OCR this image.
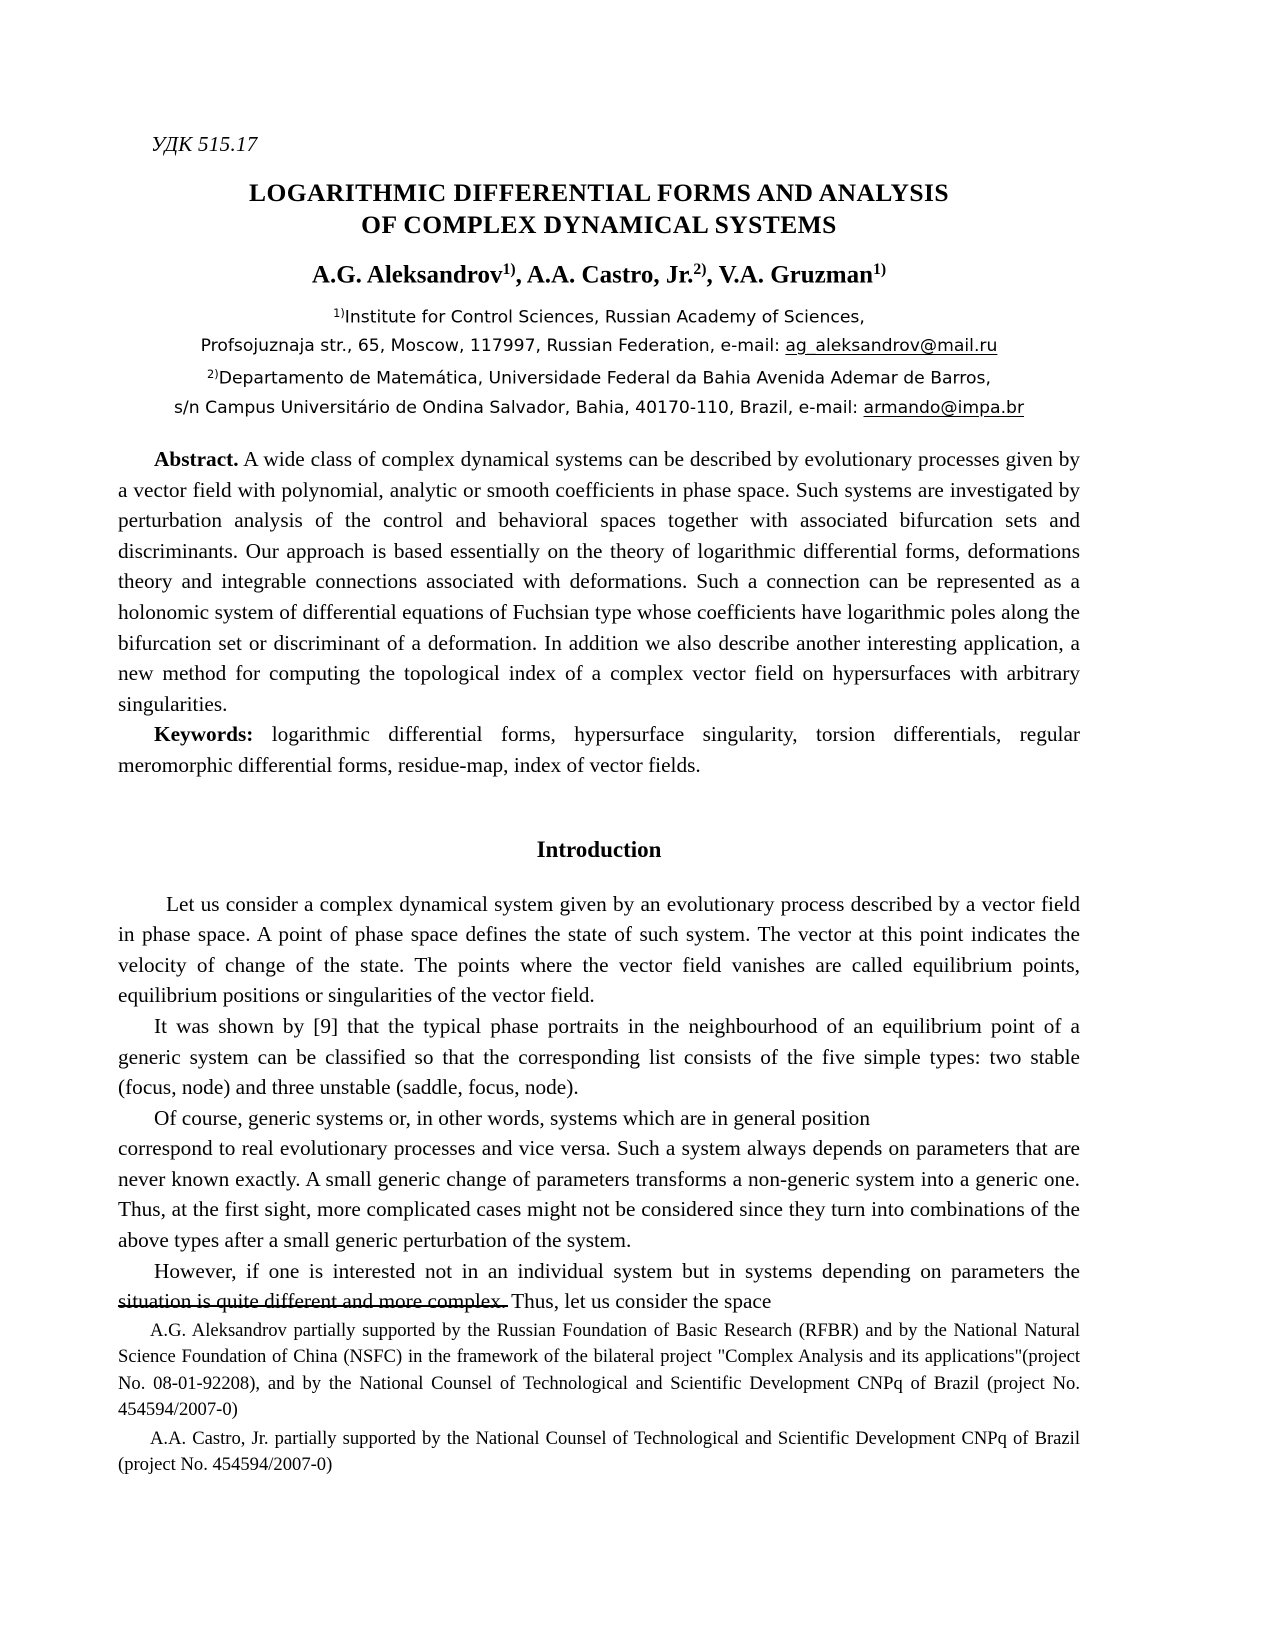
УДК 515.17
LOGARITHMIC DIFFERENTIAL FORMS AND ANALYSIS
OF COMPLEX DYNAMICAL SYSTEMS
A.G. Aleksandrov$^{1)}$, A.A. Castro, Jr.$^{2)}$, V.A. Gruzman$^{1)}$
$^{1)}$Institute for Control Sciences, Russian Academy of Sciences,
Profsojuznaja str., 65, Moscow, 117997, Russian Federation, e-mail: ag_aleksandrov@mail.ru
$^{2)}$Departamento de Matemática, Universidade Federal da Bahia Avenida Ademar de Barros,
s/n Campus Universitário de Ondina Salvador, Bahia, 40170-110, Brazil, e-mail: armando@impa.br

Abstract. A wide class of complex dynamical systems can be described by evolutionary processes given by a vector field with polynomial, analytic or smooth coefficients in phase space. Such systems are investigated by perturbation analysis of the control and behavioral spaces together with associated bifurcation sets and discriminants. Our approach is based essentially on the theory of logarithmic differential forms, deformations theory and integrable connections associated with deformations. Such a connection can be represented as a holonomic system of differential equations of Fuchsian type whose coefficients have logarithmic poles along the bifurcation set or discriminant of a deformation. In addition we also describe another interesting application, a new method for computing the topological index of a complex vector field on hypersurfaces with arbitrary singularities.

Keywords: logarithmic differential forms, hypersurface singularity, torsion differentials, regular meromorphic differential forms, residue-map, index of vector fields.

Introduction

Let us consider a complex dynamical system given by an evolutionary process described by a vector field in phase space. A point of phase space defines the state of such system. The vector at this point indicates the velocity of change of the state. The points where the vector field vanishes are called equilibrium points, equilibrium positions or singularities of the vector field.

It was shown by [9] that the typical phase portraits in the neighbourhood of an equilibrium point of a generic system can be classified so that the corresponding list consists of the five simple types: two stable (focus, node) and three unstable (saddle, focus, node).

Of course, generic systems or, in other words, systems which are in general position

correspond to real evolutionary processes and vice versa. Such a system always depends on parameters that are never known exactly. A small generic change of parameters transforms a non-generic system into a generic one. Thus, at the first sight, more complicated cases might not be considered since they turn into combinations of the above types after a small generic perturbation of the system.

However, if one is interested not in an individual system but in systems depending on parameters the situation is quite different and more complex. Thus, let us consider the space

A.G. Aleksandrov partially supported by the Russian Foundation of Basic Research (RFBR) and by the National Natural Science Foundation of China (NSFC) in the framework of the bilateral project "Complex Analysis and its applications"(project No. 08-01-92208), and by the National Counsel of Technological and Scientific Development CNPq of Brazil (project No. 454594/2007-0)

A.A. Castro, Jr. partially supported by the National Counsel of Technological and Scientific Development CNPq of Brazil (project No. 454594/2007-0)
